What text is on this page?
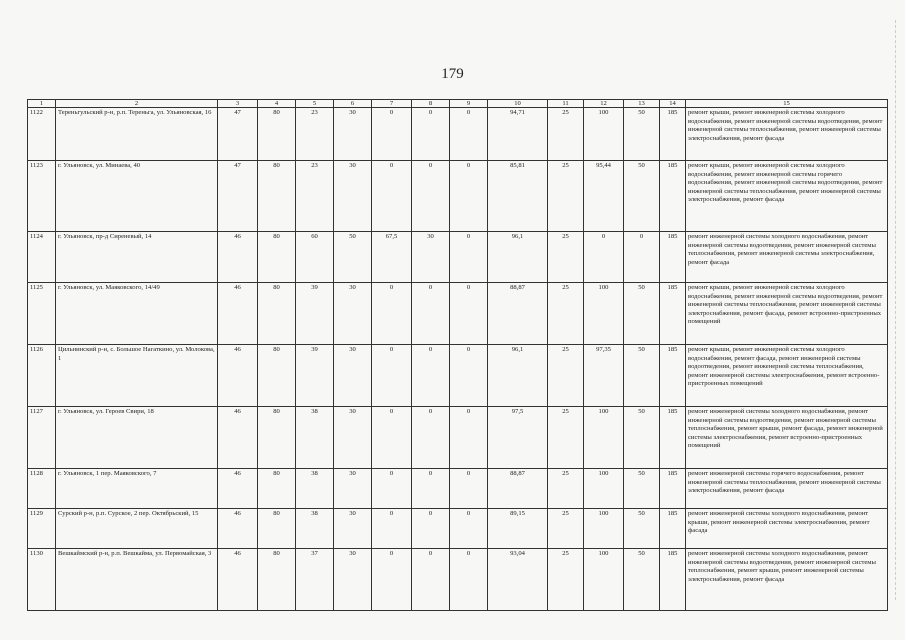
179
1	2	3	4	5	6	7	8	9	10	11	12	13	14	15
1122	Тереньгульский р-н, р.п. Тереньга, ул. Ульяновская, 16	47	80	23	30	0	0	0	94,71	25	100	50	185	ремонт крыши, ремонт инженерной системы холодного водоснабжения, ремонт инженерной системы водоотведения, ремонт инженерной системы теплоснабжения, ремонт инженерной системы электроснабжения, ремонт фасада
1123	г. Ульяновск, ул. Минаева, 40	47	80	23	30	0	0	0	85,81	25	95,44	50	185	ремонт крыши, ремонт инженерной системы холодного водоснабжения, ремонт инженерной системы горячего водоснабжения, ремонт инженерной системы водоотведения, ремонт инженерной системы теплоснабжения, ремонт инженерной системы электроснабжения, ремонт фасада
1124	г. Ульяновск, пр-д Сиреневый, 14	46	80	60	50	67,5	30	0	96,1	25	0	0	185	ремонт инженерной системы холодного водоснабжения, ремонт инженерной системы водоотведения, ремонт инженерной системы теплоснабжения, ремонт инженерной системы электроснабжения, ремонт фасада
1125	г. Ульяновск, ул. Маяковского, 14/49	46	80	39	30	0	0	0	88,87	25	100	50	185	ремонт крыши, ремонт инженерной системы холодного водоснабжения, ремонт инженерной системы водоотведения, ремонт инженерной системы теплоснабжения, ремонт инженерной системы электроснабжения, ремонт фасада, ремонт встроенно-пристроенных помещений
1126	Цильнинский р-н, с. Большое Нагаткино, ул. Молокова, 1	46	80	39	30	0	0	0	96,1	25	97,35	50	185	ремонт крыши, ремонт инженерной системы холодного водоснабжения, ремонт фасада, ремонт инженерной системы водоотведения, ремонт инженерной системы теплоснабжения, ремонт инженерной системы электроснабжения, ремонт встроенно-пристроенных помещений
1127	г. Ульяновск, ул. Героев Свири, 18	46	80	38	30	0	0	0	97,5	25	100	50	185	ремонт инженерной системы холодного водоснабжения, ремонт инженерной системы водоотведения, ремонт инженерной системы теплоснабжения, ремонт крыши, ремонт фасада, ремонт инженерной системы электроснабжения, ремонт встроенно-пристроенных помещений
1128	г. Ульяновск, 1 пер. Маяковского, 7	46	80	38	30	0	0	0	88,87	25	100	50	185	ремонт инженерной системы горячего водоснабжения, ремонт инженерной системы теплоснабжения, ремонт инженерной системы электроснабжения, ремонт фасада
1129	Сурский р-н, р.п. Сурское, 2 пер. Октябрьский, 15	46	80	38	30	0	0	0	89,15	25	100	50	185	ремонт инженерной системы холодного водоснабжения, ремонт крыши, ремонт инженерной системы электроснабжения, ремонт фасада
1130	Вешкаймский р-н, р.п. Вешкайма, ул. Первомайская, 3	46	80	37	30	0	0	0	93,04	25	100	50	185	ремонт инженерной системы холодного водоснабжения, ремонт инженерной системы водоотведения, ремонт инженерной системы теплоснабжения, ремонт крыши, ремонт инженерной системы электроснабжения, ремонт фасада
